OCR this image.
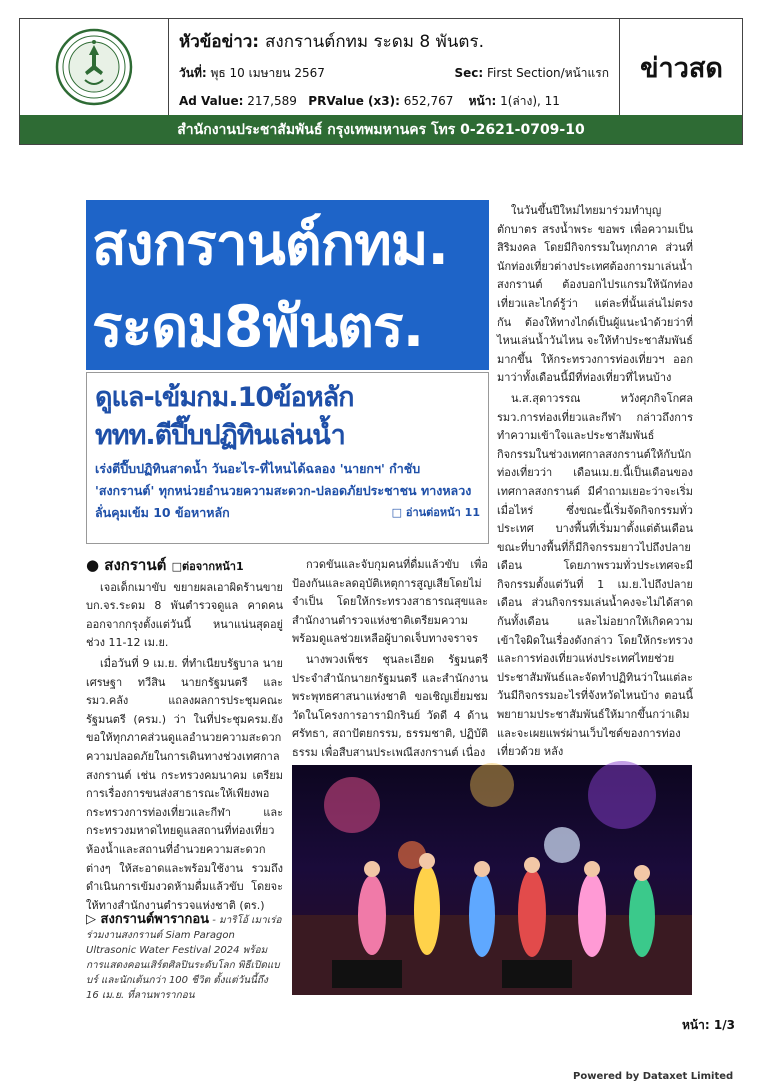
หัวข้อข่าว: สงกรานต์กทม ระดม 8 พันตร.
วันที่: พุธ 10 เมษายน 2567	Sec: First Section/หน้าแรก
Ad Value: 217,589 PRValue (x3): 652,767 หน้า: 1(ล่าง), 11
ข่าวสด
สำนักงานประชาสัมพันธ์ กรุงเทพมหานคร โทร 0-2621-0709-10
สงกรานต์กทม.
ระดม8พันตร.
ดูแล-เข้มกม.10ข้อหลัก
ททท.ตีปี๊บปฏิทินเล่นน้ำ
เร่งตีปี๊บปฏิทินสาดน้ำ วันอะไร-ที่ไหนได้ฉลอง 'นายกฯ' กำชับ 'สงกรานต์' ทุกหน่วยอำนวยความสะดวก-ปลอดภัยประชาชน ทางหลวงลั่นคุมเข้ม 10 ข้อหาหลัก	□ อ่านต่อหน้า 11

● สงกรานต์ □ต่อจากหน้า1

เจอเด็กเมาขับ ขยายผลเอาผิดร้านขาย บก.จร.ระดม 8 พันตำรวจดูแล คาดคนออกจากกรุงตั้งแต่วันนี้ หนาแน่นสุดอยู่ช่วง 11-12 เม.ย.

เมื่อวันที่ 9 เม.ย. ที่ทำเนียบรัฐบาล นายเศรษฐา ทวีสิน นายกรัฐมนตรี และ รมว.คลัง แถลงผลการประชุมคณะรัฐมนตรี (ครม.) ว่า ในที่ประชุมครม.ยังขอให้ทุกภาคส่วนดูแลอำนวยความสะดวก ความปลอดภัยในการเดินทางช่วงเทศกาลสงกรานต์ เช่น กระทรวงคมนาคม เตรียมการเรื่องการขนส่งสาธารณะให้เพียงพอ กระทรวงการท่องเที่ยวและกีฬา และกระทรวงมหาดไทยดูแลสถานที่ท่องเที่ยว ห้องน้ำและสถานที่อำนวยความสะดวกต่างๆ ให้สะอาดและพร้อมใช้งาน รวมถึงดำเนินการเข้มงวดห้ามดื่มแล้วขับ โดยจะให้ทางสำนักงานตำรวจแห่งชาติ (ตร.)

▷ สงกรานต์พารากอน - มาริโอ้ เมาเร่อ ร่วมงานสงกรานต์ Siam Paragon Ultrasonic Water Festival 2024 พร้อมการแสดงคอนเสิร์ตศิลปินระดับโลก พิธีเปิดแบบร์ และนักเต้นกว่า 100 ชีวิต ตั้งแต่วันนี้ถึง 16 เม.ย. ที่ลานพารากอน

กวดขันและจับกุมคนที่ดื่มแล้วขับ เพื่อป้องกันและลดอุบัติเหตุการสูญเสียโดยไม่จำเป็น โดยให้กระทรวงสาธารณสุขและสำนักงานตำรวจแห่งชาติเตรียมความพร้อมดูแลช่วยเหลือผู้บาดเจ็บทางจราจร

นางพวงเพ็ชร ชุนละเอียด รัฐมนตรีประจำสำนักนายกรัฐมนตรี และสำนักงานพระพุทธศาสนาแห่งชาติ ขอเชิญเยี่ยมชมวัดในโครงการอารามิกรินย์ วัดดี 4 ด้าน ศรัทธา, สถาปัตยกรรม, ธรรมชาติ, ปฏิบัติธรรม เพื่อสืบสานประเพณีสงกรานต์ เนื่อง

ในวันขึ้นปีใหม่ไทยมาร่วมทำบุญ ตักบาตร สรงน้ำพระ ขอพร เพื่อความเป็นสิริมงคล โดยมีกิจกรรมในทุกภาค ส่วนที่นักท่องเที่ยวต่างประเทศต้องการมาเล่นน้ำสงกรานต์ ต้องบอกไปรแกรมให้นักท่องเที่ยวและไกด์รู้ว่า แต่ละที่นั้นเล่นไม่ตรงกัน ต้องให้ทางไกด์เป็นผู้แนะนำด้วยว่าที่ไหนเล่นน้ำวันไหน จะให้ทำประชาสัมพันธ์มากขึ้น ให้กระทรวงการท่องเที่ยวฯ ออกมาว่าทั้งเดือนนี้มีที่ท่องเที่ยวที่ไหนบ้าง

น.ส.สุดาวรรณ หวังศุภกิจโกศล รมว.การท่องเที่ยวและกีฬา กล่าวถึงการทำความเข้าใจและประชาสัมพันธ์กิจกรรมในช่วงเทศกาลสงกรานต์ให้กับนักท่องเที่ยวว่า เดือนเม.ย.นี้เป็นเดือนของเทศกาลสงกรานต์ มีคำถามเยอะว่าจะเริ่มเมื่อไหร่ ซึ่งขณะนี้เริ่มจัดกิจกรรมทั่วประเทศ บางพื้นที่เริ่มมาตั้งแต่ต้นเดือน ขณะที่บางพื้นที่ก็มีกิจกรรมยาวไปถึงปลายเดือน โดยภาพรวมทั่วประเทศจะมีกิจกรรมตั้งแต่วันที่ 1 เม.ย.ไปถึงปลายเดือน ส่วนกิจกรรมเล่นน้ำคงจะไม่ได้สาดกันทั้งเดือน และไม่อยากให้เกิดความเข้าใจผิดในเรื่องดังกล่าว โดยให้กระทรวงและการท่องเที่ยวแห่งประเทศไทยช่วยประชาสัมพันธ์และจัดทำปฏิทินว่าในแต่ละวันมีกิจกรรมอะไรที่จังหวัดไหนบ้าง ตอนนี้พยายามประชาสัมพันธ์ให้มากขึ้นกว่าเดิม และจะเผยแพร่ผ่านเว็บไซต์ของการท่องเที่ยวด้วย หลัง

หน้า: 1/3
Powered by Dataxet Limited
